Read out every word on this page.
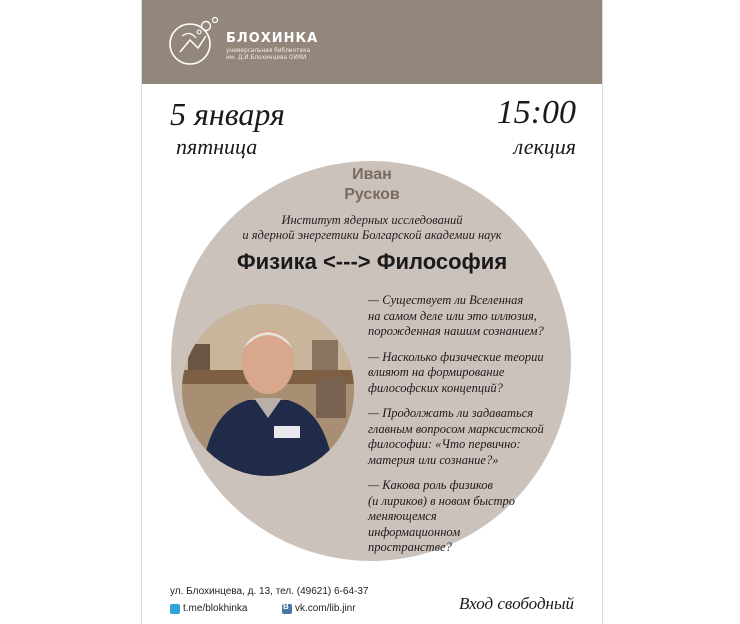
БЛОХИНКА
универсальная библиотека
им. Д.И.Блохинцева ОИЯИ
5 января
пятница
15:00
лекция
Иван
Русков
Институт ядерных исследований
и ядерной энергетики Болгарской академии наук
Физика <---> Философия

— Существует ли Вселенная
на самом деле или это иллюзия,
порожденная нашим сознанием?

— Насколько физические теории
влияют на формирование
философских концепций?

— Продолжать ли задаваться
главным вопросом марксистской
философии: «Что первично:
материя или сознание?»

— Какова роль физиков
(и лириков) в новом быстро
меняющемся
информационном
пространстве?

ул. Блохинцева, д. 13, тел. (49621) 6-64-37
t.me/blokhinka
B	vk.com/lib.jinr	Вход свободный
